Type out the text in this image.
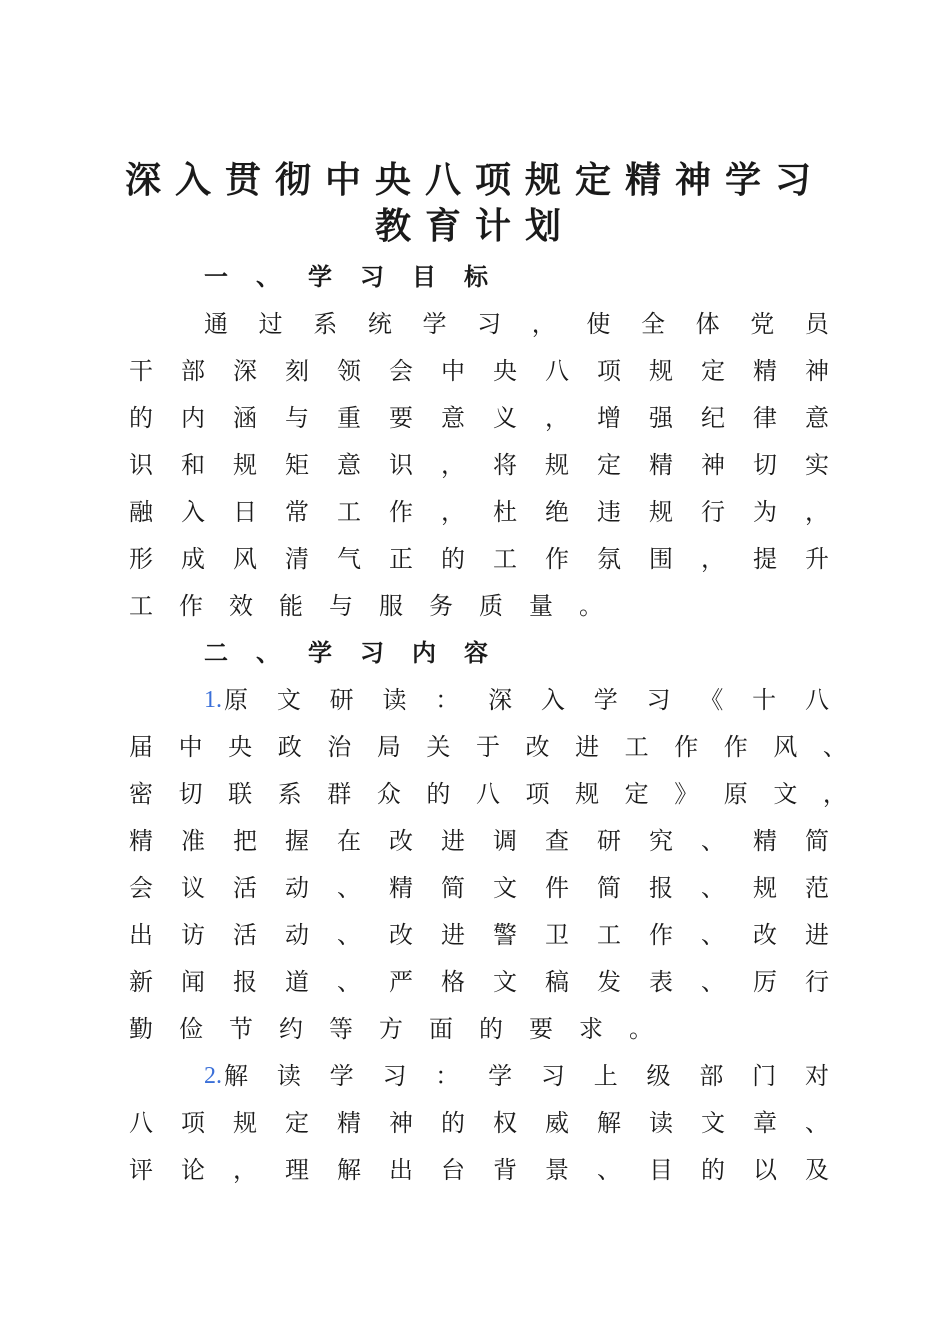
深入贯彻中央八项规定精神学习
教育计划
一、学习目标
通 过 系 统 学 习 ， 使 全 体 党 员
干 部 深 刻 领 会 中 央 八 项 规 定 精 神
的 内 涵 与 重 要 意 义 ， 增 强 纪 律 意
识 和 规 矩 意 识 ， 将 规 定 精 神 切 实
融 入 日 常 工 作 ， 杜 绝 违 规 行 为 ，
形 成 风 清 气 正 的 工 作 氛 围 ， 提 升
工作效能与服务质量。
二、学习内容
1. 原 文 研 读 ： 深 入 学 习 《 十 八
届 中 央 政 治 局 关 于 改 进 工 作 作 风 、
密 切 联 系 群 众 的 八 项 规 定 》 原 文 ，
精 准 把 握 在 改 进 调 查 研 究 、 精 简
会 议 活 动 、 精 简 文 件 简 报 、 规 范
出 访 活 动 、 改 进 警 卫 工 作 、 改 进
新 闻 报 道 、 严 格 文 稿 发 表 、 厉 行
勤俭节约等方面的要求。
2. 解 读 学 习 ： 学 习 上 级 部 门 对
八 项 规 定 精 神 的 权 威 解 读 文 章 、
评 论 ， 理 解 出 台 背 景 、 目 的 以 及
